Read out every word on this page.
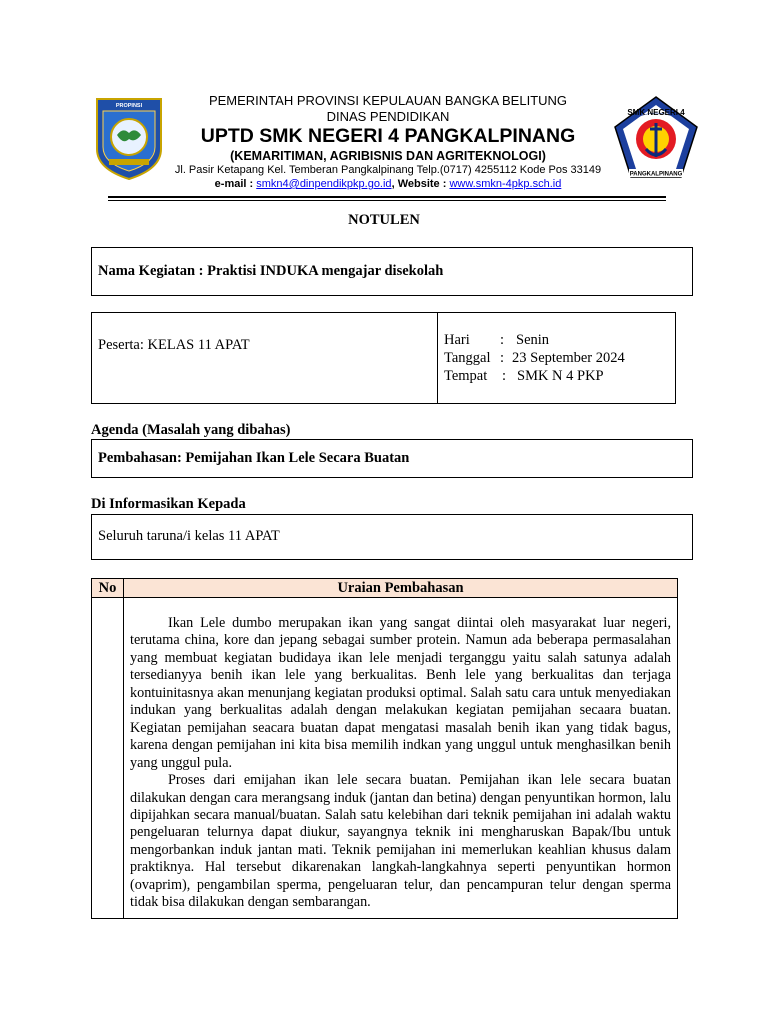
PROPINSI
SMK NEGERI 4
PANGKALPINANG
PEMERINTAH PROVINSI KEPULAUAN BANGKA BELITUNG
DINAS PENDIDIKAN
UPTD SMK NEGERI 4 PANGKALPINANG
(KEMARITIMAN, AGRIBISNIS DAN AGRITEKNOLOGI)
Jl. Pasir Ketapang Kel. Temberan Pangkalpinang Telp.(0717) 4255112 Kode Pos 33149
e-mail : smkn4@dinpendikpkp.go.id, Website : www.smkn-4pkp.sch.id
NOTULEN
Nama Kegiatan : Praktisi INDUKA mengajar disekolah
Peserta: KELAS 11 APAT	Hari : Senin
Tanggal : 23 September 2024
Tempat : SMK N 4 PKP
Agenda (Masalah yang dibahas)
Pembahasan: Pemijahan Ikan Lele Secara Buatan
Di Informasikan Kepada
Seluruh taruna/i kelas 11 APAT
No	Uraian Pembahasan

Ikan Lele dumbo merupakan ikan yang sangat diintai oleh masyarakat luar negeri, terutama china, kore dan jepang sebagai sumber protein. Namun ada beberapa permasalahan yang membuat kegiatan budidaya ikan lele menjadi terganggu yaitu salah satunya adalah tersedianyya benih ikan lele yang berkualitas. Benh lele yang berkualitas dan terjaga kontuinitasnya akan menunjang kegiatan produksi optimal. Salah satu cara untuk menyediakan indukan yang berkualitas adalah dengan melakukan kegiatan pemijahan secaara buatan. Kegiatan pemijahan seacara buatan dapat mengatasi masalah benih ikan yang tidak bagus, karena dengan pemijahan ini kita bisa memilih indkan yang unggul untuk menghasilkan benih yang unggul pula.

Proses dari emijahan ikan lele secara buatan. Pemijahan ikan lele secara buatan dilakukan dengan cara merangsang induk (jantan dan betina) dengan penyuntikan hormon, lalu dipijahkan secara manual/buatan. Salah satu kelebihan dari teknik pemijahan ini adalah waktu pengeluaran telurnya dapat diukur, sayangnya teknik ini mengharuskan Bapak/Ibu untuk mengorbankan induk jantan mati. Teknik pemijahan ini memerlukan keahlian khusus dalam praktiknya. Hal tersebut dikarenakan langkah-langkahnya seperti penyuntikan hormon (ovaprim), pengambilan sperma, pengeluaran telur, dan pencampuran telur dengan sperma tidak bisa dilakukan dengan sembarangan.
